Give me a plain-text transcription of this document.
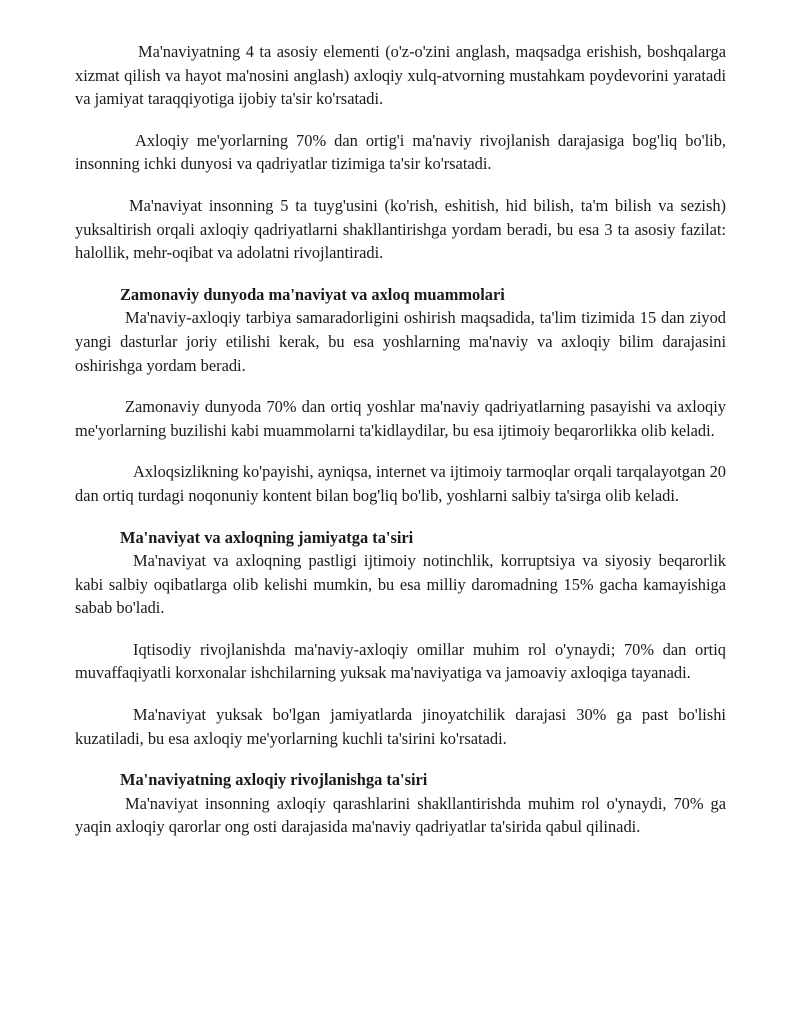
Ma'naviyatning 4 ta asosiy elementi (o'z-o'zini anglash, maqsadga erishish, boshqalarga xizmat qilish va hayot ma'nosini anglash) axloqiy xulq-atvorning mustahkam poydevorini yaratadi va jamiyat taraqqiyotiga ijobiy ta'sir ko'rsatadi.

Axloqiy me'yorlarning 70% dan ortig'i ma'naviy rivojlanish darajasiga bog'liq bo'lib, insonning ichki dunyosi va qadriyatlar tizimiga ta'sir ko'rsatadi.

Ma'naviyat insonning 5 ta tuyg'usini (ko'rish, eshitish, hid bilish, ta'm bilish va sezish) yuksaltirish orqali axloqiy qadriyatlarni shakllantirishga yordam beradi, bu esa 3 ta asosiy fazilat: halollik, mehr-oqibat va adolatni rivojlantiradi.

Zamonaviy dunyoda ma'naviyat va axloq muammolari

Ma'naviy-axloqiy tarbiya samaradorligini oshirish maqsadida, ta'lim tizimida 15 dan ziyod yangi dasturlar joriy etilishi kerak, bu esa yoshlarning ma'naviy va axloqiy bilim darajasini oshirishga yordam beradi.

Zamonaviy dunyoda 70% dan ortiq yoshlar ma'naviy qadriyatlarning pasayishi va axloqiy me'yorlarning buzilishi kabi muammolarni ta'kidlaydilar, bu esa ijtimoiy beqarorlikka olib keladi.

Axloqsizlikning ko'payishi, ayniqsa, internet va ijtimoiy tarmoqlar orqali tarqalayotgan 20 dan ortiq turdagi noqonuniy kontent bilan bog'liq bo'lib, yoshlarni salbiy ta'sirga olib keladi.

Ma'naviyat va axloqning jamiyatga ta'siri

Ma'naviyat va axloqning pastligi ijtimoiy notinchlik, korruptsiya va siyosiy beqarorlik kabi salbiy oqibatlarga olib kelishi mumkin, bu esa milliy daromadning 15% gacha kamayishiga sabab bo'ladi.

Iqtisodiy rivojlanishda ma'naviy-axloqiy omillar muhim rol o'ynaydi; 70% dan ortiq muvaffaqiyatli korxonalar ishchilarning yuksak ma'naviyatiga va jamoaviy axloqiga tayanadi.

Ma'naviyat yuksak bo'lgan jamiyatlarda jinoyatchilik darajasi 30% ga past bo'lishi kuzatiladi, bu esa axloqiy me'yorlarning kuchli ta'sirini ko'rsatadi.

Ma'naviyatning axloqiy rivojlanishga ta'siri

Ma'naviyat insonning axloqiy qarashlarini shakllantirishda muhim rol o'ynaydi, 70% ga yaqin axloqiy qarorlar ong osti darajasida ma'naviy qadriyatlar ta'sirida qabul qilinadi.
